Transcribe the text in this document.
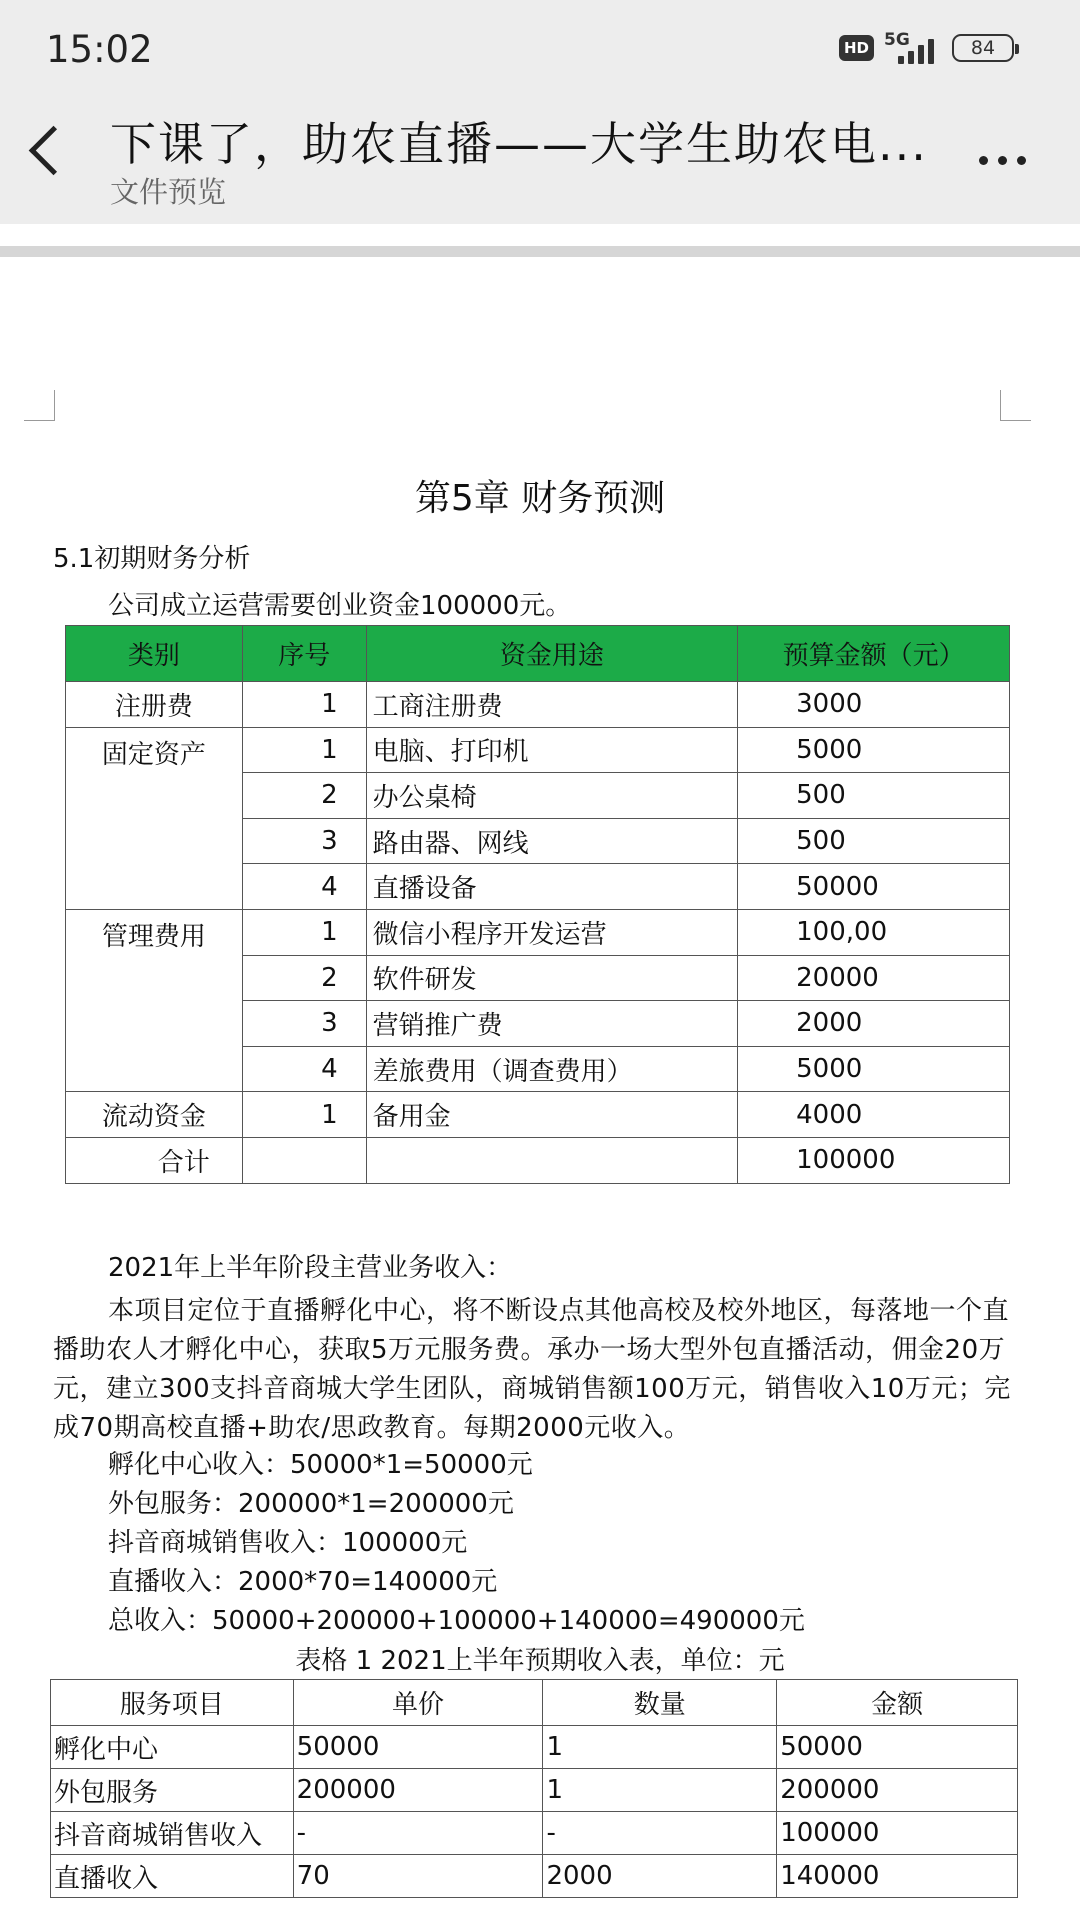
15:02	HD 5G	84
下课了，助农直播——大学生助农电...
文件预览
第5章 财务预测
5.1初期财务分析
公司成立运营需要创业资金100000元。
类别	序号	资金用途	预算金额（元）
注册费	1	工商注册费	3000
固定资产	1	电脑、打印机	5000
	2	办公桌椅	500
	3	路由器、网线	500
	4	直播设备	50000
管理费用	1	微信小程序开发运营	100,00
	2	软件研发	20000
	3	营销推广费	2000
	4	差旅费用（调查费用）	5000
流动资金	1	备用金	4000
合计			100000

2021年上半年阶段主营业务收入：

本项目定位于直播孵化中心，将不断设点其他高校及校外地区，每落地一个直播助农人才孵化中心，获取5万元服务费。承办一场大型外包直播活动，佣金20万元，建立300支抖音商城大学生团队，商城销售额100万元，销售收入10万元；完成70期高校直播+助农/思政教育。每期2000元收入。

孵化中心收入：50000*1=50000元

外包服务：200000*1=200000元

抖音商城销售收入：100000元

直播收入：2000*70=140000元

总收入：50000+200000+100000+140000=490000元

表格 1 2021上半年预期收入表，单位：元
服务项目	单价	数量	金额
孵化中心	50000	1	50000
外包服务	200000	1	200000
抖音商城销售收入	-	-	100000
直播收入	70	2000	140000
